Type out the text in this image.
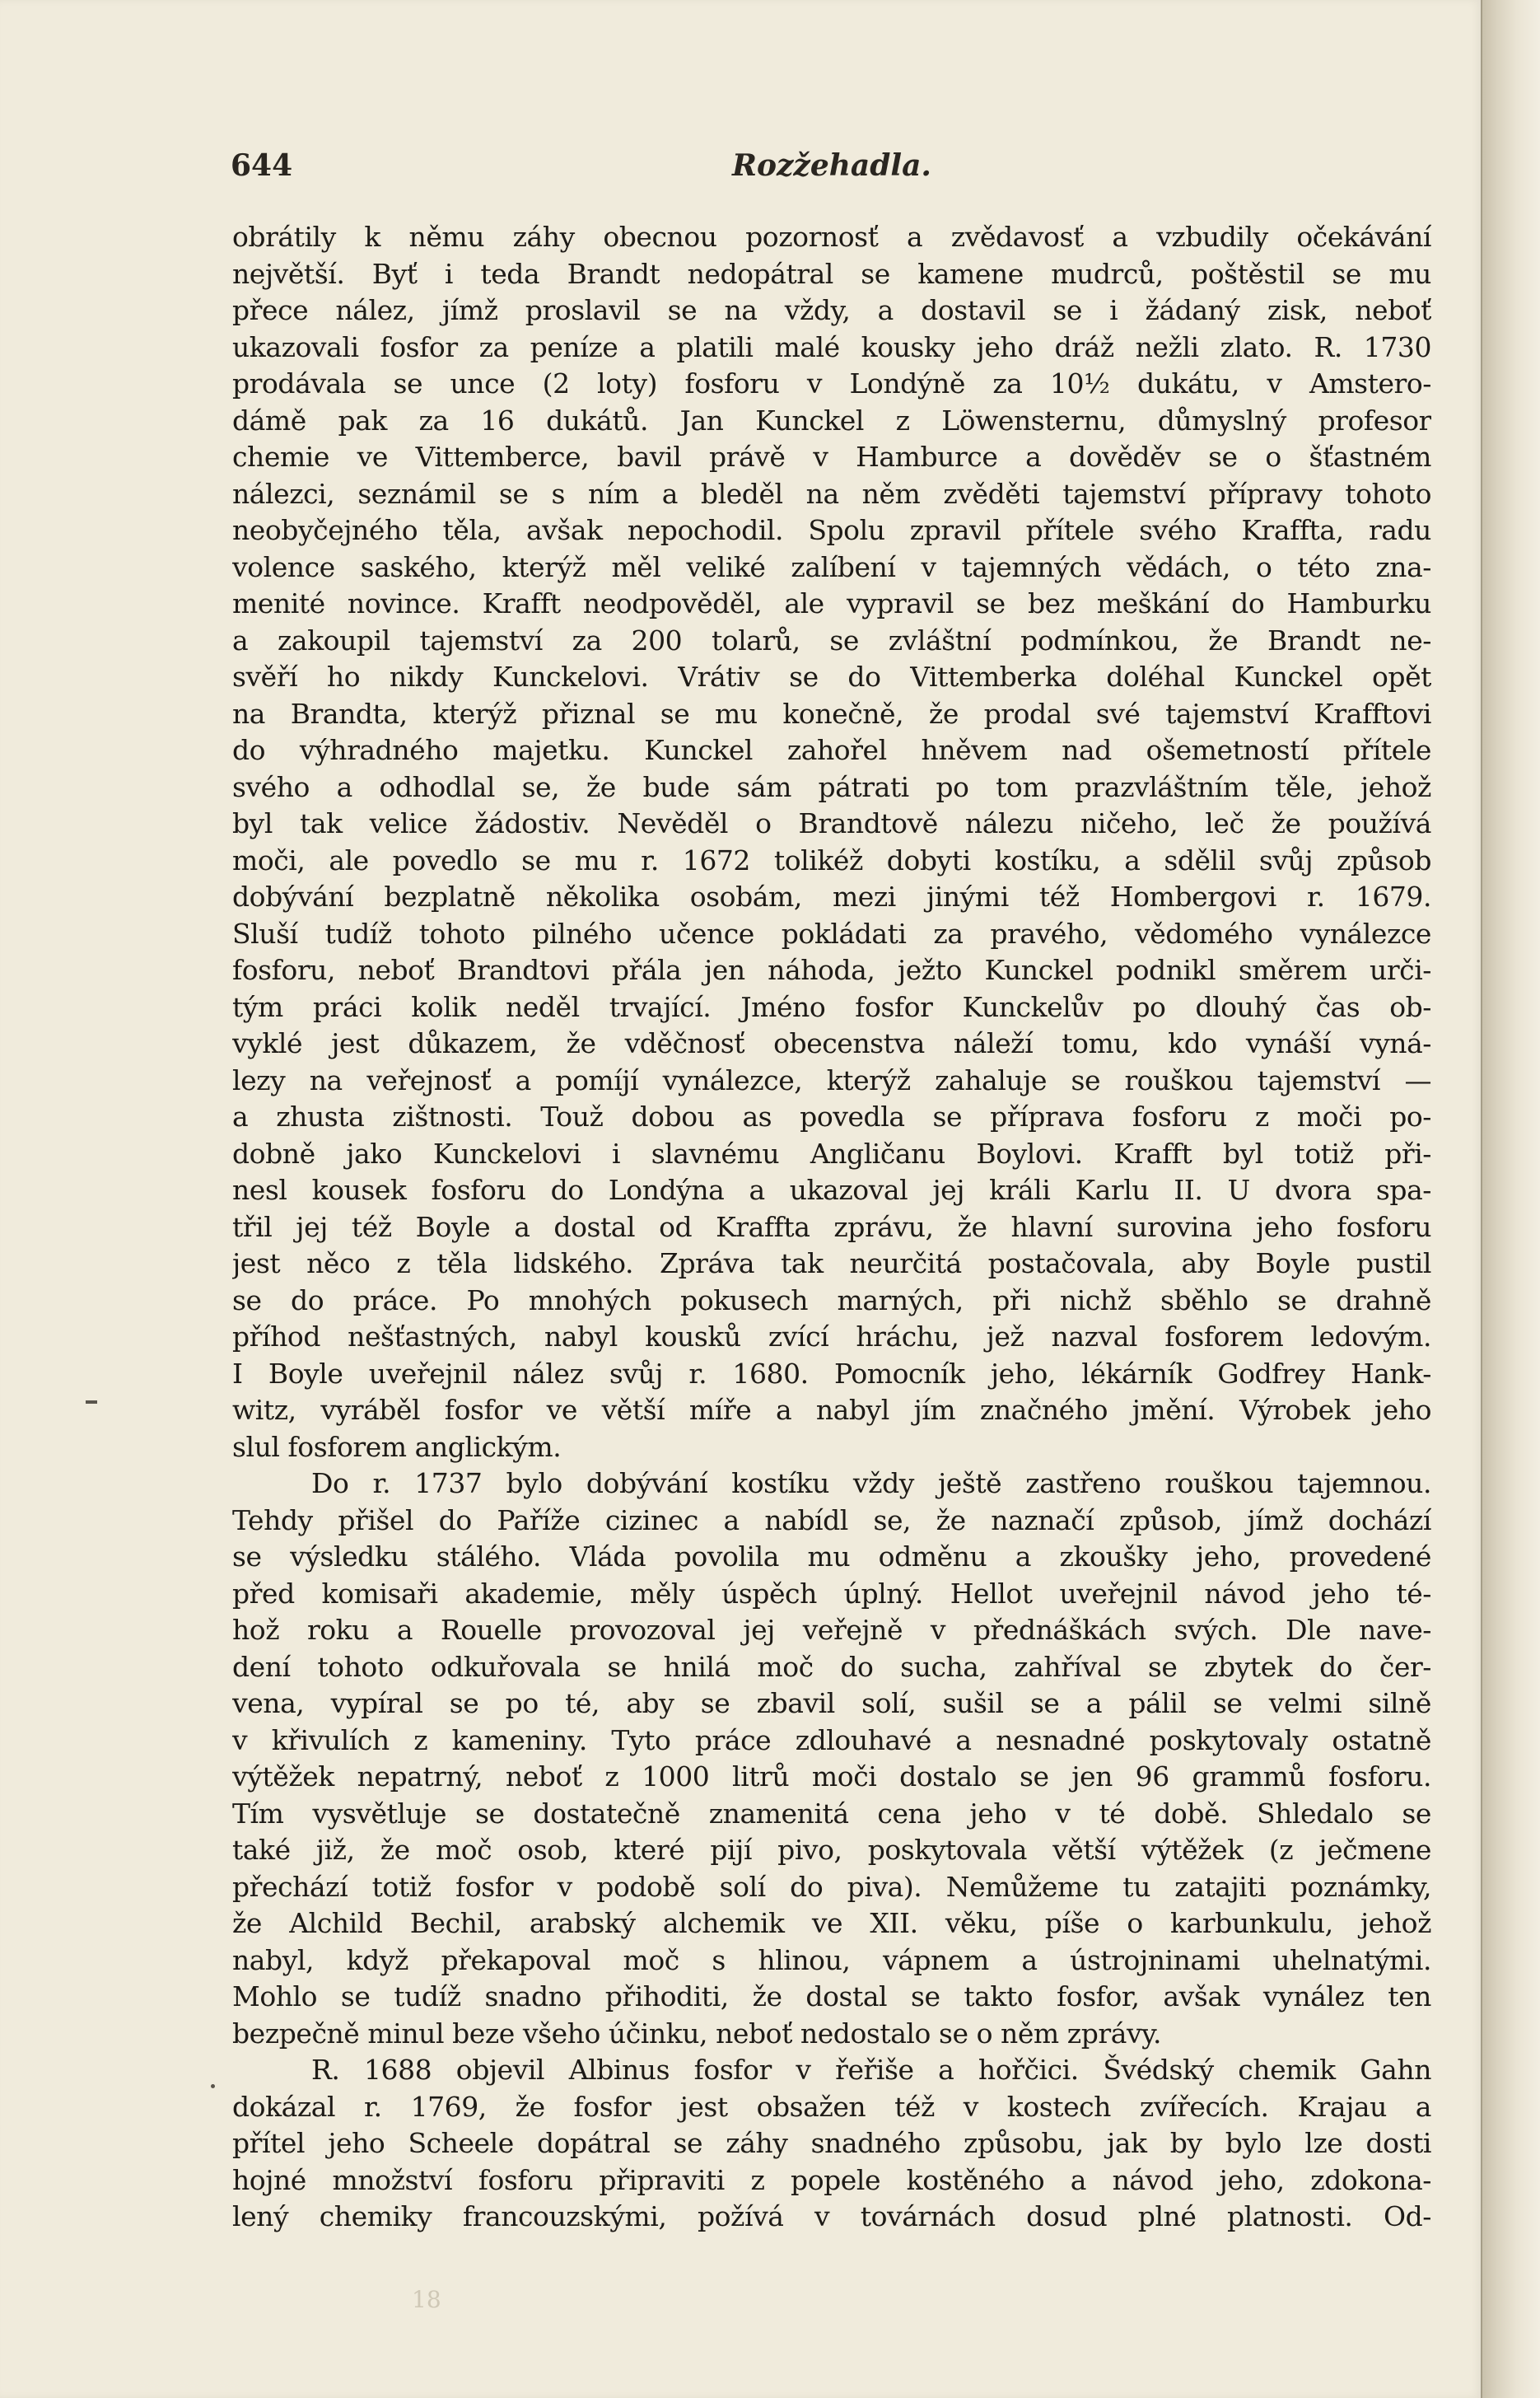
644	Rozžehadla.
obrátily k němu záhy obecnou pozornosť a zvědavosť a vzbudily očekávání
největší. Byť i teda Brandt nedopátral se kamene mudrců, poštěstil se mu
přece nález, jímž proslavil se na vždy, a dostavil se i žádaný zisk, neboť
ukazovali fosfor za peníze a platili malé kousky jeho dráž nežli zlato. R. 1730
prodávala se unce (2 loty) fosforu v Londýně za 10½ dukátu, v Amstero-
dámě pak za 16 dukátů. Jan Kunckel z Löwensternu, důmyslný profesor
chemie ve Vittemberce, bavil právě v Hamburce a dověděv se o šťastném
nálezci, seznámil se s ním a bleděl na něm zvěděti tajemství přípravy tohoto
neobyčejného těla, avšak nepochodil. Spolu zpravil přítele svého Kraffta, radu
volence saského, kterýž měl veliké zalíbení v tajemných vědách, o této zna-
menité novince. Krafft neodpověděl, ale vypravil se bez meškání do Hamburku
a zakoupil tajemství za 200 tolarů, se zvláštní podmínkou, že Brandt ne-
svěří ho nikdy Kunckelovi. Vrátiv se do Vittemberka doléhal Kunckel opět
na Brandta, kterýž přiznal se mu konečně, že prodal své tajemství Krafftovi
do výhradného majetku. Kunckel zahořel hněvem nad ošemetností přítele
svého a odhodlal se, že bude sám pátrati po tom prazvláštním těle, jehož
byl tak velice žádostiv. Nevěděl o Brandtově nálezu ničeho, leč že používá
moči, ale povedlo se mu r. 1672 tolikéž dobyti kostíku, a sdělil svůj způsob
dobývání bezplatně několika osobám, mezi jinými též Hombergovi r. 1679.
Sluší tudíž tohoto pilného učence pokládati za pravého, vědomého vynálezce
fosforu, neboť Brandtovi přála jen náhoda, ježto Kunckel podnikl směrem urči-
tým práci kolik neděl trvající. Jméno fosfor Kunckelův po dlouhý čas ob-
vyklé jest důkazem, že vděčnosť obecenstva náleží tomu, kdo vynáší vyná-
lezy na veřejnosť a pomíjí vynálezce, kterýž zahaluje se rouškou tajemství —
a zhusta zištnosti. Touž dobou as povedla se příprava fosforu z moči po-
dobně jako Kunckelovi i slavnému Angličanu Boylovi. Krafft byl totiž při-
nesl kousek fosforu do Londýna a ukazoval jej králi Karlu II. U dvora spa-
třil jej též Boyle a dostal od Kraffta zprávu, že hlavní surovina jeho fosforu
jest něco z těla lidského. Zpráva tak neurčitá postačovala, aby Boyle pustil
se do práce. Po mnohých pokusech marných, při nichž sběhlo se drahně
příhod nešťastných, nabyl kousků zvící hráchu, jež nazval fosforem ledovým.
I Boyle uveřejnil nález svůj r. 1680. Pomocník jeho, lékárník Godfrey Hank-
witz, vyráběl fosfor ve větší míře a nabyl jím značného jmění. Výrobek jeho
slul fosforem anglickým.
Do r. 1737 bylo dobývání kostíku vždy ještě zastřeno rouškou tajemnou.
Tehdy přišel do Paříže cizinec a nabídl se, že naznačí způsob, jímž dochází
se výsledku stálého. Vláda povolila mu odměnu a zkoušky jeho, provedené
před komisaři akademie, měly úspěch úplný. Hellot uveřejnil návod jeho té-
hož roku a Rouelle provozoval jej veřejně v přednáškách svých. Dle nave-
dení tohoto odkuřovala se hnilá moč do sucha, zahříval se zbytek do čer-
vena, vypíral se po té, aby se zbavil solí, sušil se a pálil se velmi silně
v křivulích z kameniny. Tyto práce zdlouhavé a nesnadné poskytovaly ostatně
výtěžek nepatrný, neboť z 1000 litrů moči dostalo se jen 96 grammů fosforu.
Tím vysvětluje se dostatečně znamenitá cena jeho v té době. Shledalo se
také již, že moč osob, které pijí pivo, poskytovala větší výtěžek (z ječmene
přechází totiž fosfor v podobě solí do piva). Nemůžeme tu zatajiti poznámky,
že Alchild Bechil, arabský alchemik ve XII. věku, píše o karbunkulu, jehož
nabyl, když překapoval moč s hlinou, vápnem a ústrojninami uhelnatými.
Mohlo se tudíž snadno přihoditi, že dostal se takto fosfor, avšak vynález ten
bezpečně minul beze všeho účinku, neboť nedostalo se o něm zprávy.
R. 1688 objevil Albinus fosfor v řeřiše a hořčici. Švédský chemik Gahn
dokázal r. 1769, že fosfor jest obsažen též v kostech zvířecích. Krajau a
přítel jeho Scheele dopátral se záhy snadného způsobu, jak by bylo lze dosti
hojné množství fosforu připraviti z popele kostěného a návod jeho, zdokona-
lený chemiky francouzskými, požívá v továrnách dosud plné platnosti. Od-
18
